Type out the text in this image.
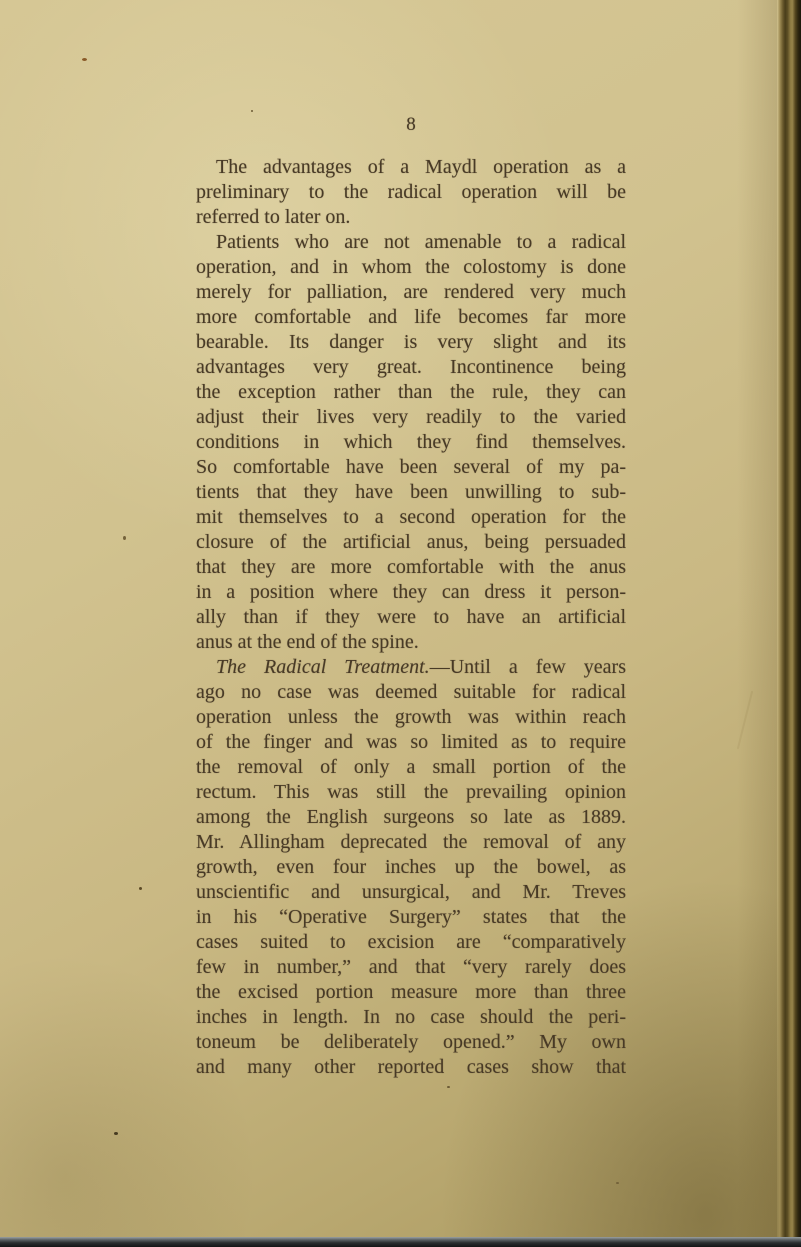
8
The advantages of a Maydl operation as a
preliminary to the radical operation will be
referred to later on.
Patients who are not amenable to a radical
operation, and in whom the colostomy is done
merely for palliation, are rendered very much
more comfortable and life becomes far more
bearable. Its danger is very slight and its
advantages very great. Incontinence being
the exception rather than the rule, they can
adjust their lives very readily to the varied
conditions in which they find themselves.
So comfortable have been several of my pa-
tients that they have been unwilling to sub-
mit themselves to a second operation for the
closure of the artificial anus, being persuaded
that they are more comfortable with the anus
in a position where they can dress it person-
ally than if they were to have an artificial
anus at the end of the spine.
The Radical Treatment.—Until a few years
ago no case was deemed suitable for radical
operation unless the growth was within reach
of the finger and was so limited as to require
the removal of only a small portion of the
rectum. This was still the prevailing opinion
among the English surgeons so late as 1889.
Mr. Allingham deprecated the removal of any
growth, even four inches up the bowel, as
unscientific and unsurgical, and Mr. Treves
in his “Operative Surgery” states that the
cases suited to excision are “comparatively
few in number,” and that “very rarely does
the excised portion measure more than three
inches in length. In no case should the peri-
toneum be deliberately opened.” My own
and many other reported cases show that
